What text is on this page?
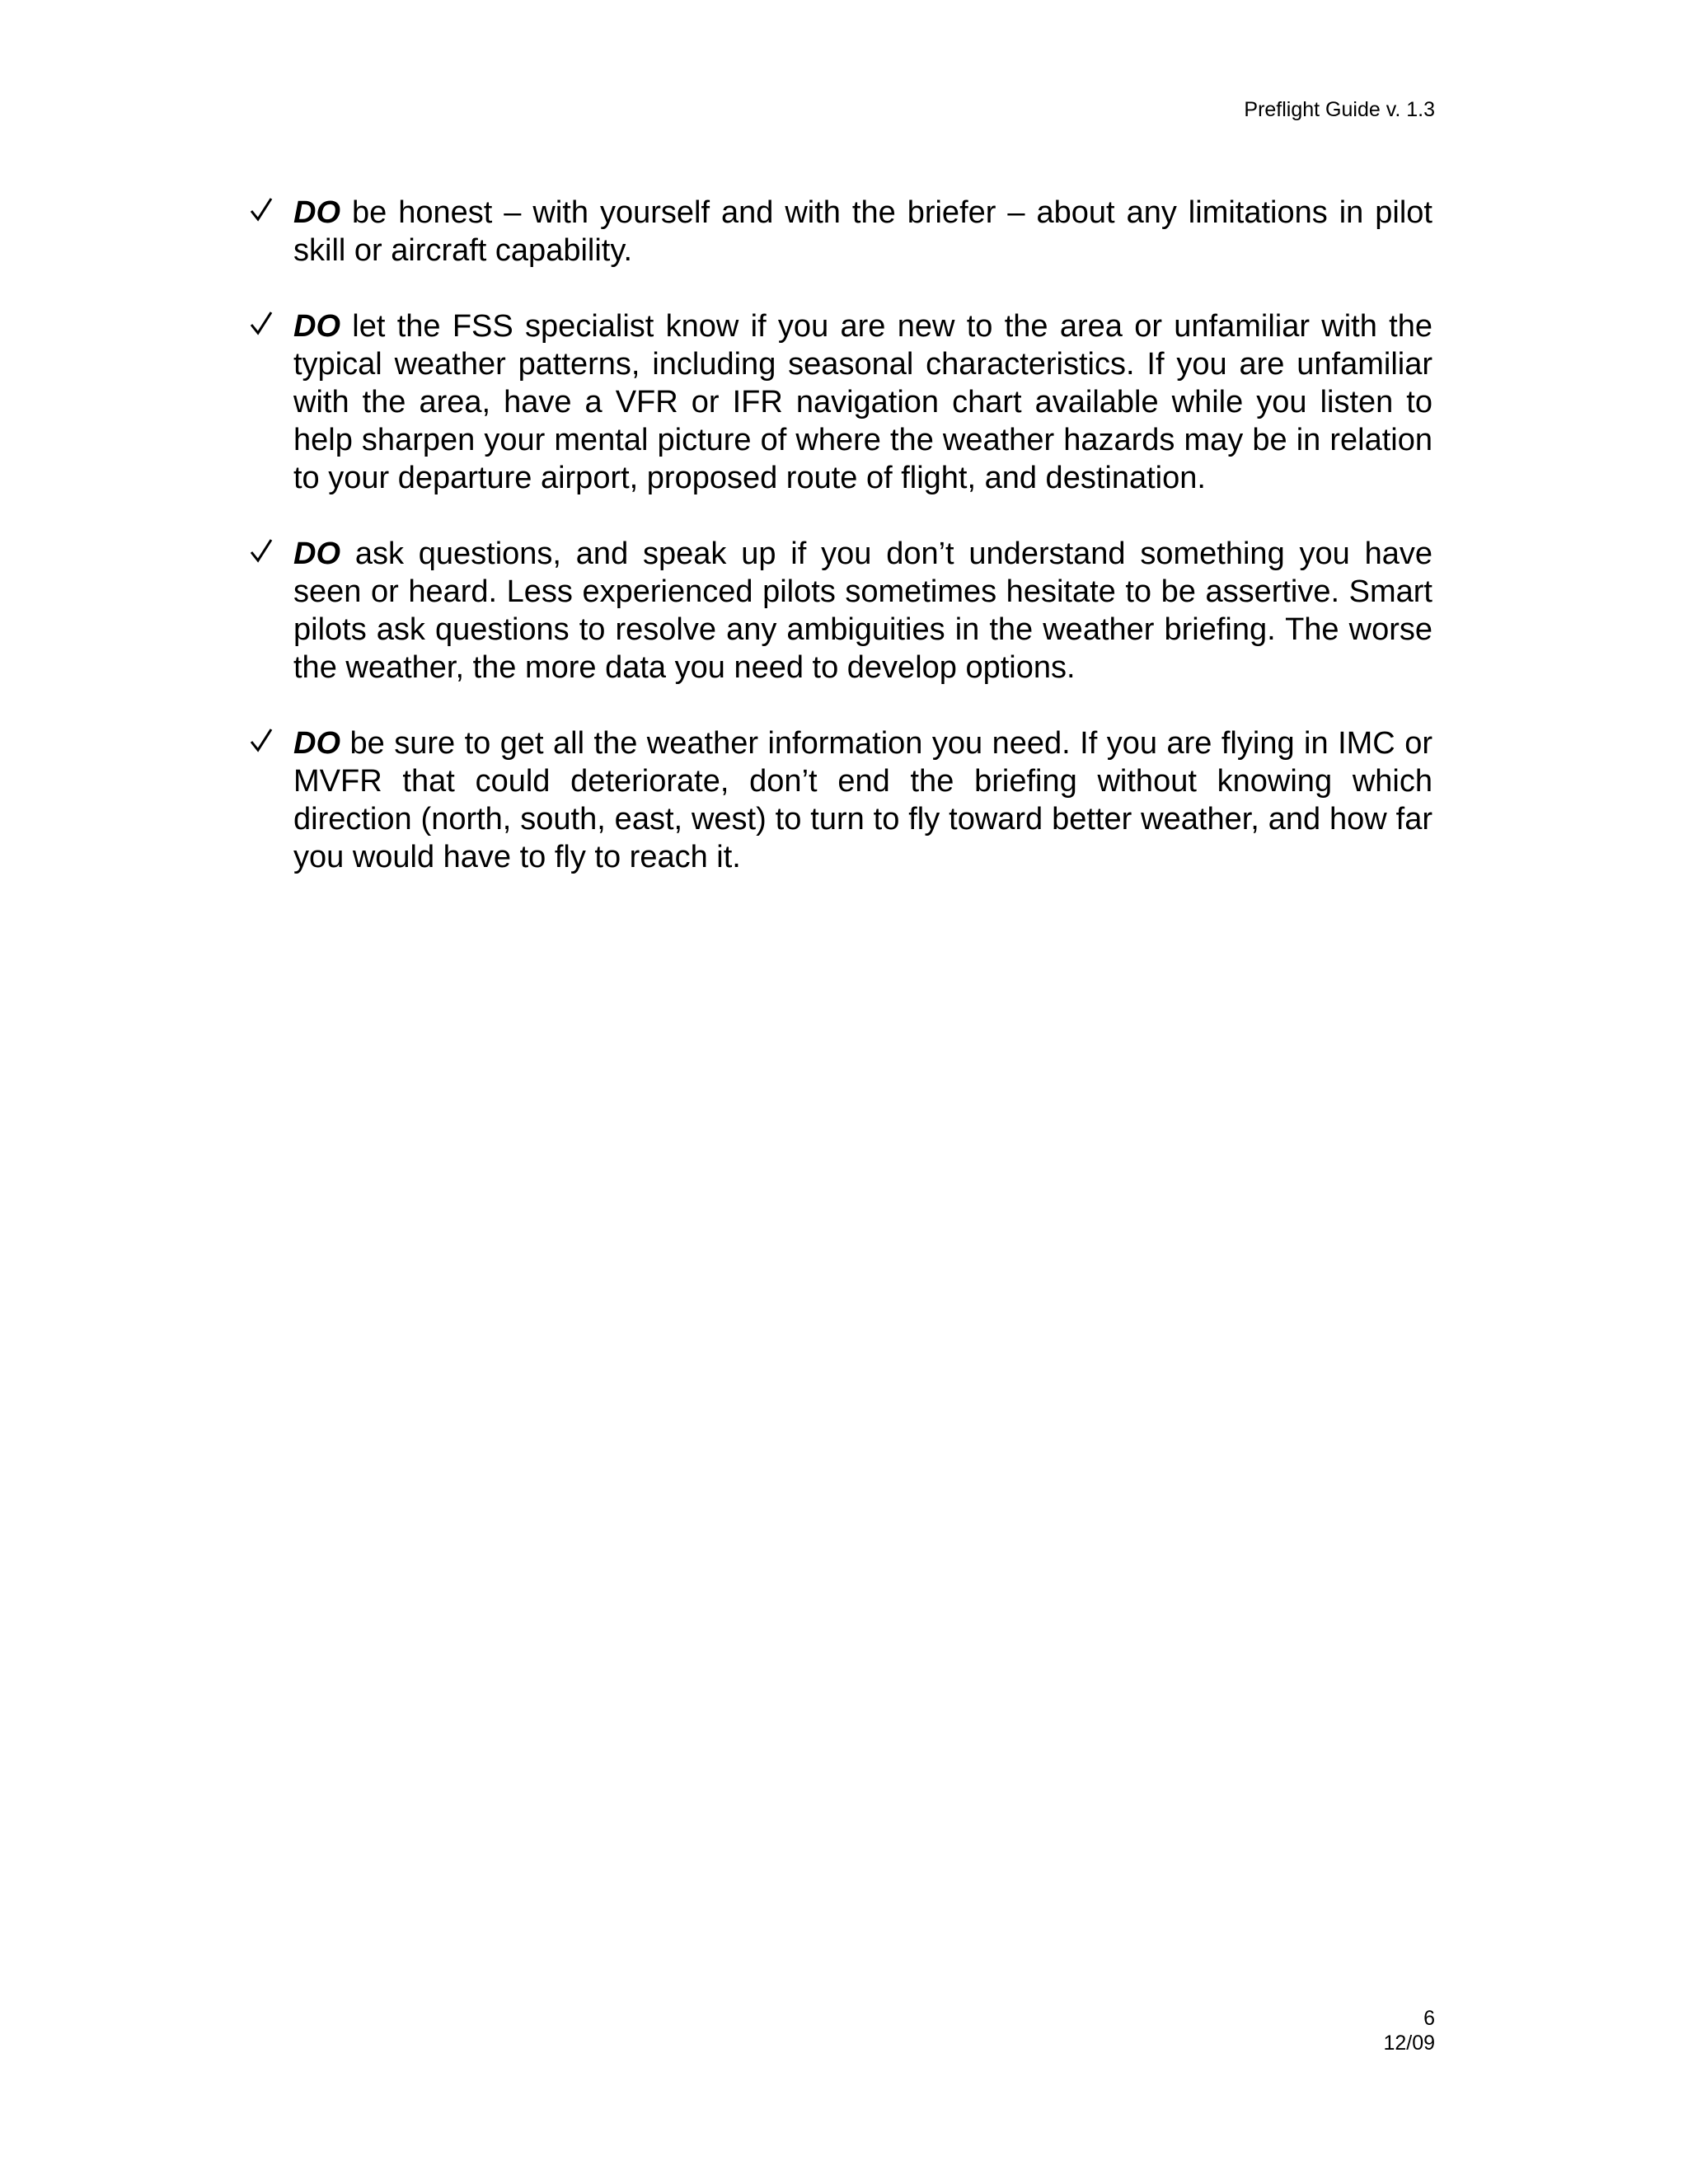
Preflight Guide v. 1.3
DO be honest – with yourself and with the briefer – about any limitations in pilot skill or aircraft capability.
DO let the FSS specialist know if you are new to the area or unfamiliar with the typical weather patterns, including seasonal characteristics. If you are unfamiliar with the area, have a VFR or IFR navigation chart available while you listen to help sharpen your mental picture of where the weather hazards may be in relation to your departure airport, proposed route of flight, and destination.
DO ask questions, and speak up if you don’t understand something you have seen or heard. Less experienced pilots sometimes hesitate to be assertive. Smart pilots ask questions to resolve any ambiguities in the weather briefing. The worse the weather, the more data you need to develop options.
DO be sure to get all the weather information you need. If you are flying in IMC or MVFR that could deteriorate, don’t end the briefing without knowing which direction (north, south, east, west) to turn to fly toward better weather, and how far you would have to fly to reach it.
6
12/09
